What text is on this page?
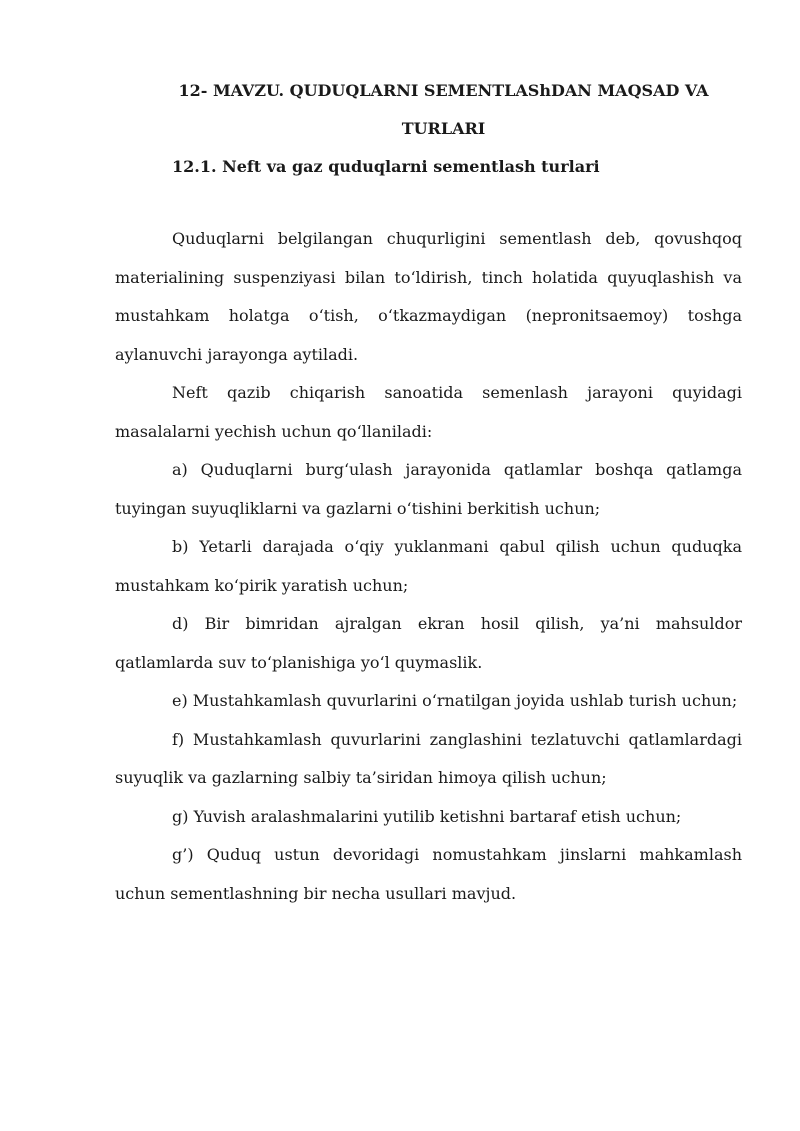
12- MAVZU. QUDUQLARNI SEMENTLAShDAN MAQSAD VA TURLARI
12.1. Neft va gaz quduqlarni sementlash turlari

Quduqlarni belgilangan chuqurligini sementlash deb, qovushqoq materialining suspenziyasi bilan toʻldirish, tinch holatida quyuqlashish va mustahkam holatga oʻtish, oʻtkazmaydigan (nepronitsaemoy) toshga aylanuvchi jarayonga aytiladi.

Neft qazib chiqarish sanoatida semenlash jarayoni quyidagi masalalarni yechish uchun qoʻllaniladi:

a) Quduqlarni burgʻulash jarayonida qatlamlar boshqa qatlamga tuyingan suyuqliklarni va gazlarni oʻtishini berkitish uchun;

b) Yetarli darajada oʻqiy yuklanmani qabul qilish uchun quduqka mustahkam koʻpirik yaratish uchun;

d) Bir bimridan ajralgan ekran hosil qilish, ya’ni mahsuldor qatlamlarda suv toʻplanishiga yoʻl quymaslik.

e) Mustahkamlash quvurlarini oʻrnatilgan joyida ushlab turish uchun;

f) Mustahkamlash quvurlarini zanglashini tezlatuvchi qatlamlardagi suyuqlik va gazlarning salbiy ta’siridan himoya qilish uchun;

g) Yuvish aralashmalarini yutilib ketishni bartaraf etish uchun;

g’) Quduq ustun devoridagi nomustahkam jinslarni mahkamlash uchun sementlashning bir necha usullari mavjud.
